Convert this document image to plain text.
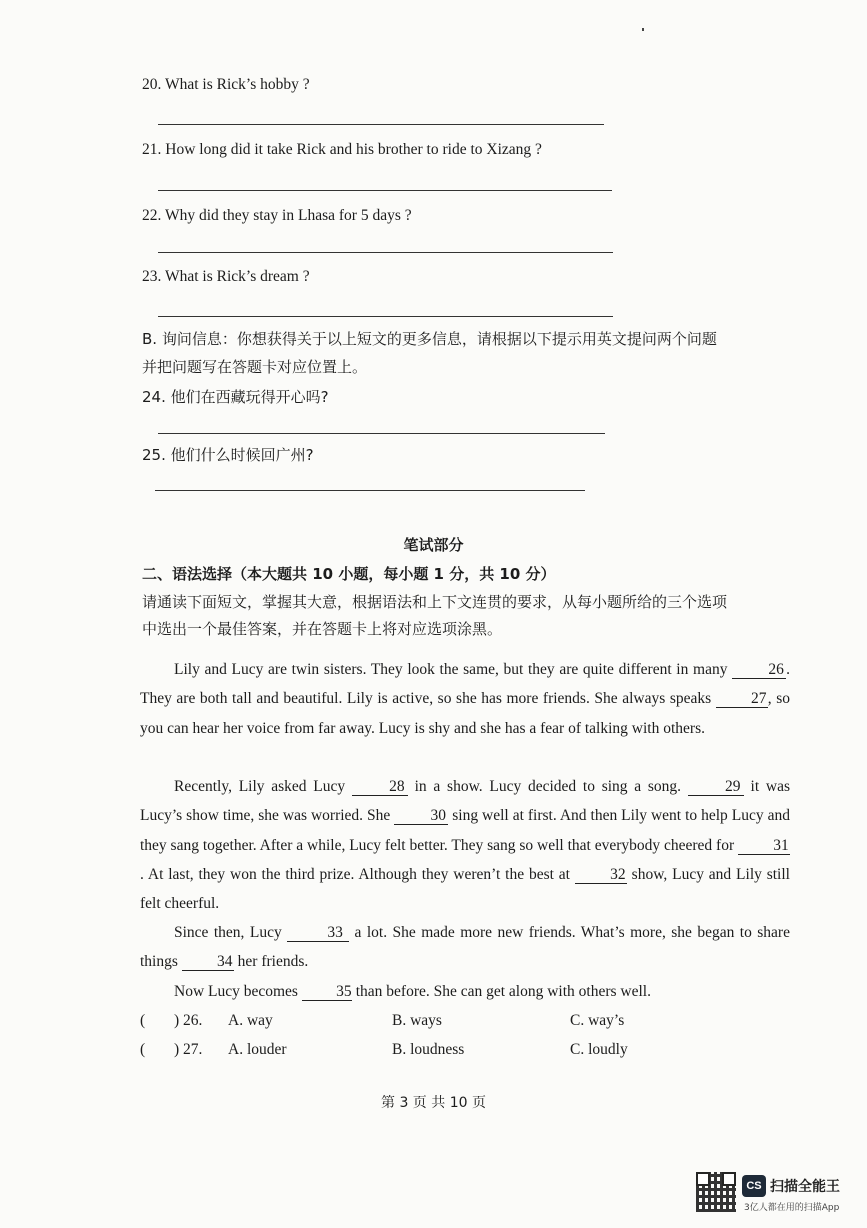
20. What is Rick’s hobby ?
21. How long did it take Rick and his brother to ride to Xizang ?
22. Why did they stay in Lhasa for 5 days ?
23. What is Rick’s dream ?
B. 询问信息：你想获得关于以上短文的更多信息，请根据以下提示用英文提问两个问题
并把问题写在答题卡对应位置上。
24. 他们在西藏玩得开心吗?
25. 他们什么时候回广州?
笔试部分
二、语法选择（本大题共 10 小题，每小题 1 分，共 10 分）
请通读下面短文，掌握其大意，根据语法和上下文连贯的要求，从每小题所给的三个选项
中选出一个最佳答案，并在答题卡上将对应选项涂黑。
Lily and Lucy are twin sisters. They look the same, but they are quite different in many 26 . They are both tall and beautiful. Lily is active, so she has more friends. She always speaks 27, so you can hear her voice from far away. Lucy is shy and she has a fear of talking with others.
Recently, Lily asked Lucy 28 in a show. Lucy decided to sing a song. 29 it was Lucy’s show time, she was worried. She 30 sing well at first. And then Lily went to help Lucy and they sang together. After a while, Lucy felt better. They sang so well that everybody cheered for 31. At last, they won the third prize. Although they weren’t the best at 32 show, Lucy and Lily still felt cheerful.
Since then, Lucy	33 a lot. She made more new friends. What’s more, she began to share things 34 her friends.
Now Lucy becomes 35 than before. She can get along with others well.
( ) 26. A. way	B. ways	C. way’s
( ) 27. A. louder	B. loudness	C. loudly
第 3 页 共 10 页
CS 扫描全能王
3亿人都在用的扫描App
